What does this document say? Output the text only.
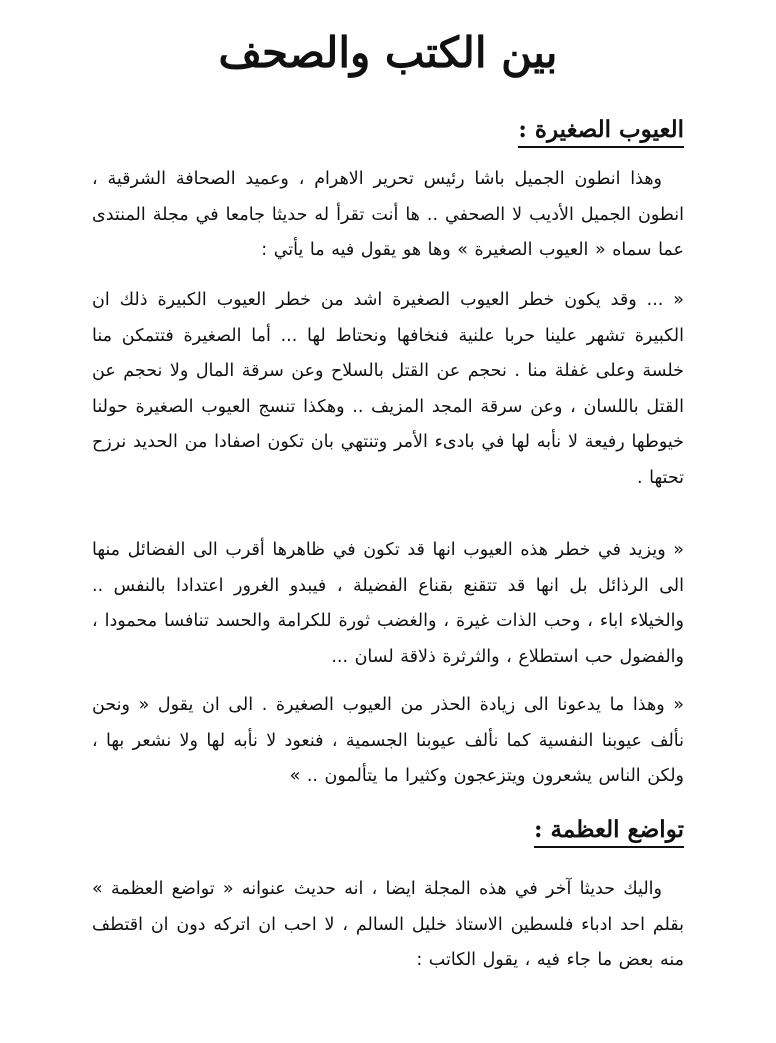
بين الكتب والصحف
العيوب الصغيرة :
وهذا انطون الجميل باشا رئيس تحرير الاهرام ، وعميد الصحافة الشرقية ، انطون الجميل الأديب لا الصحفي .. ها أنت تقرأ له حديثا جامعا في مجلة المنتدى عما سماه « العيوب الصغيرة » وها هو يقول فيه ما يأتي :
« ... وقد يكون خطر العيوب الصغيرة اشد من خطر العيوب الكبيرة ذلك ان الكبيرة تشهر علينا حربا علنية فنخافها ونحتاط لها ... أما الصغيرة فتتمكن منا خلسة وعلى غفلة منا . نحجم عن القتل بالسلاح وعن سرقة المال ولا نحجم عن القتل باللسان ، وعن سرقة المجد المزيف .. وهكذا تنسج العيوب الصغيرة حولنا خيوطها رفيعة لا نأبه لها في بادىء الأمر وتنتهي بان تكون اصفادا من الحديد نرزح تحتها .
« ويزيد في خطر هذه العيوب انها قد تكون في ظاهرها أقرب الى الفضائل منها الى الرذائل بل انها قد تتقنع بقناع الفضيلة ، فيبدو الغرور اعتدادا بالنفس .. والخيلاء اباء ، وحب الذات غيرة ، والغضب ثورة للكرامة والحسد تنافسا محمودا ، والفضول حب استطلاع ، والثرثرة ذلاقة لسان ...
« وهذا ما يدعونا الى زيادة الحذر من العيوب الصغيرة . الى ان يقول « ونحن نألف عيوبنا النفسية كما نألف عيوبنا الجسمية ، فنعود لا نأبه لها ولا نشعر بها ، ولكن الناس يشعرون ويتزعجون وكثيرا ما يتألمون .. »
تواضع العظمة :
واليك حديثا آخر في هذه المجلة ايضا ، انه حديث عنوانه « تواضع العظمة » بقلم احد ادباء فلسطين الاستاذ خليل السالم ، لا احب ان اتركه دون ان اقتطف منه بعض ما جاء فيه ، يقول الكاتب :
